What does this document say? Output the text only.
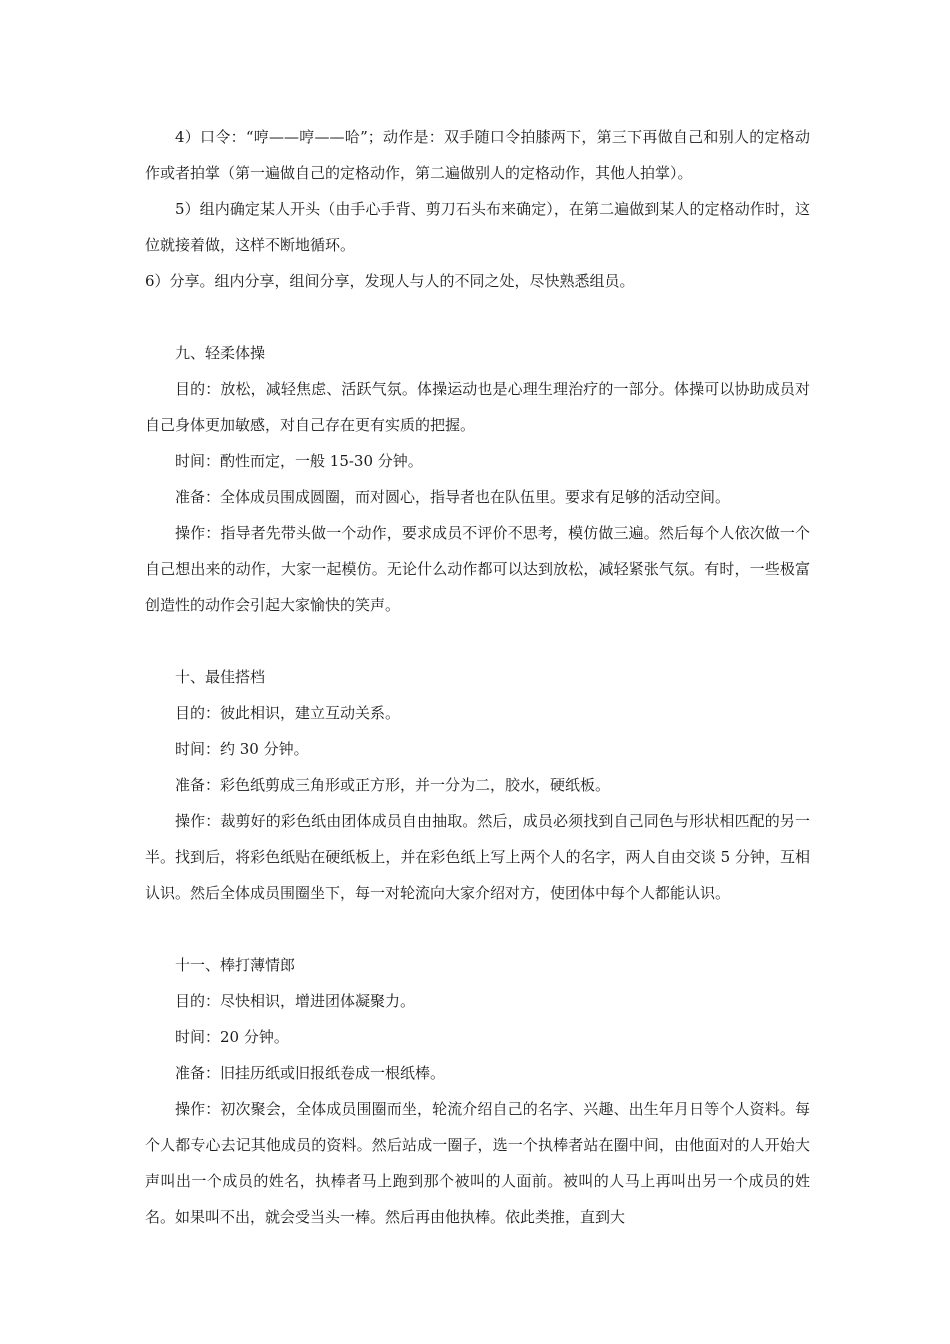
4）口令：“哼——哼——哈”；动作是：双手随口令拍膝两下，第三下再做自己和别人的定格动作或者拍掌（第一遍做自己的定格动作，第二遍做别人的定格动作，其他人拍掌）。

5）组内确定某人开头（由手心手背、剪刀石头布来确定），在第二遍做到某人的定格动作时，这位就接着做，这样不断地循环。

6）分享。组内分享，组间分享，发现人与人的不同之处，尽快熟悉组员。

九、轻柔体操

目的：放松，减轻焦虑、活跃气氛。体操运动也是心理生理治疗的一部分。体操可以协助成员对自己身体更加敏感，对自己存在更有实质的把握。

时间：酌性而定，一般 15-30 分钟。

准备：全体成员围成圆圈，而对圆心，指导者也在队伍里。要求有足够的活动空间。

操作：指导者先带头做一个动作，要求成员不评价不思考，模仿做三遍。然后每个人依次做一个自己想出来的动作，大家一起模仿。无论什么动作都可以达到放松，减轻紧张气氛。有时，一些极富创造性的动作会引起大家愉快的笑声。

十、最佳搭档

目的：彼此相识，建立互动关系。

时间：约 30 分钟。

准备：彩色纸剪成三角形或正方形，并一分为二，胶水，硬纸板。

操作：裁剪好的彩色纸由团体成员自由抽取。然后，成员必须找到自己同色与形状相匹配的另一半。找到后，将彩色纸贴在硬纸板上，并在彩色纸上写上两个人的名字，两人自由交谈 5 分钟，互相认识。然后全体成员围圈坐下，每一对轮流向大家介绍对方，使团体中每个人都能认识。

十一、棒打薄情郎

目的：尽快相识，增进团体凝聚力。

时间：20 分钟。

准备：旧挂历纸或旧报纸卷成一根纸棒。

操作：初次聚会，全体成员围圈而坐，轮流介绍自己的名字、兴趣、出生年月日等个人资料。每个人都专心去记其他成员的资料。然后站成一圈子，选一个执棒者站在圈中间，由他面对的人开始大声叫出一个成员的姓名，执棒者马上跑到那个被叫的人面前。被叫的人马上再叫出另一个成员的姓名。如果叫不出，就会受当头一棒。然后再由他执棒。依此类推，直到大
